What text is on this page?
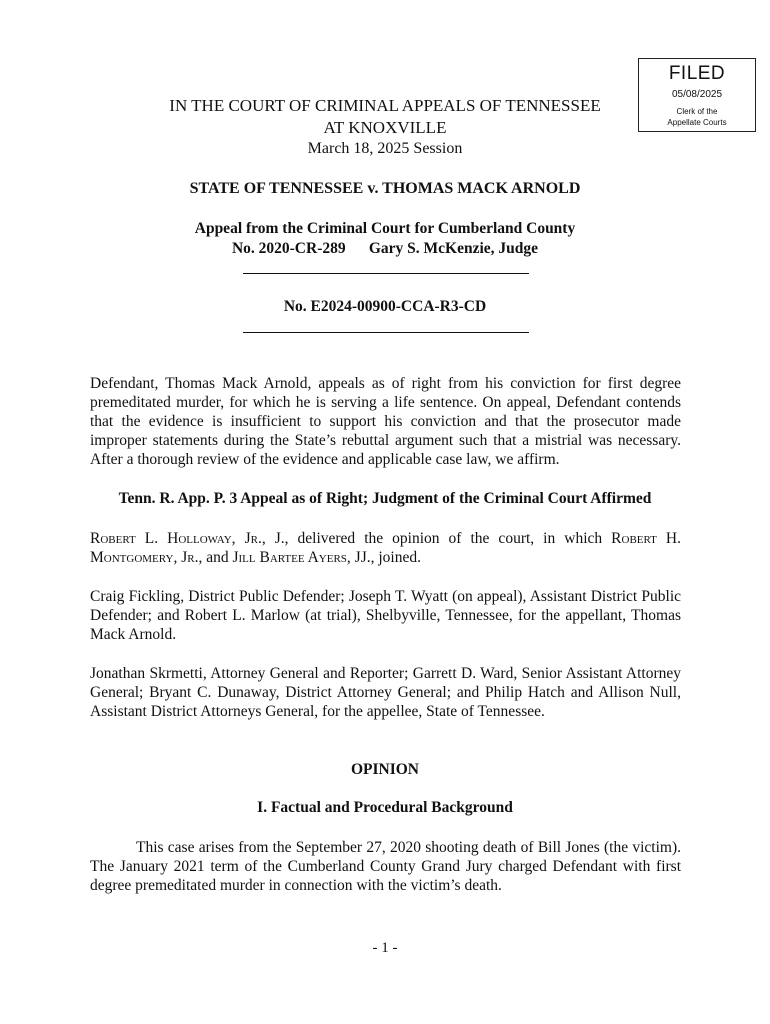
FILED
05/08/2025
Clerk of the
Appellate Courts
IN THE COURT OF CRIMINAL APPEALS OF TENNESSEE
AT KNOXVILLE
March 18, 2025 Session
STATE OF TENNESSEE v. THOMAS MACK ARNOLD
Appeal from the Criminal Court for Cumberland County
No. 2020-CR-289      Gary S. McKenzie, Judge
No. E2024-00900-CCA-R3-CD
Defendant, Thomas Mack Arnold, appeals as of right from his conviction for first degree premeditated murder, for which he is serving a life sentence. On appeal, Defendant contends that the evidence is insufficient to support his conviction and that the prosecutor made improper statements during the State’s rebuttal argument such that a mistrial was necessary. After a thorough review of the evidence and applicable case law, we affirm.
Tenn. R. App. P. 3 Appeal as of Right; Judgment of the Criminal Court Affirmed
Robert L. Holloway, Jr., J., delivered the opinion of the court, in which Robert H. Montgomery, Jr., and Jill Bartee Ayers, JJ., joined.
Craig Fickling, District Public Defender; Joseph T. Wyatt (on appeal), Assistant District Public Defender; and Robert L. Marlow (at trial), Shelbyville, Tennessee, for the appellant, Thomas Mack Arnold.
Jonathan Skrmetti, Attorney General and Reporter; Garrett D. Ward, Senior Assistant Attorney General; Bryant C. Dunaway, District Attorney General; and Philip Hatch and Allison Null, Assistant District Attorneys General, for the appellee, State of Tennessee.
OPINION
I. Factual and Procedural Background
This case arises from the September 27, 2020 shooting death of Bill Jones (the victim). The January 2021 term of the Cumberland County Grand Jury charged Defendant with first degree premeditated murder in connection with the victim’s death.
- 1 -
